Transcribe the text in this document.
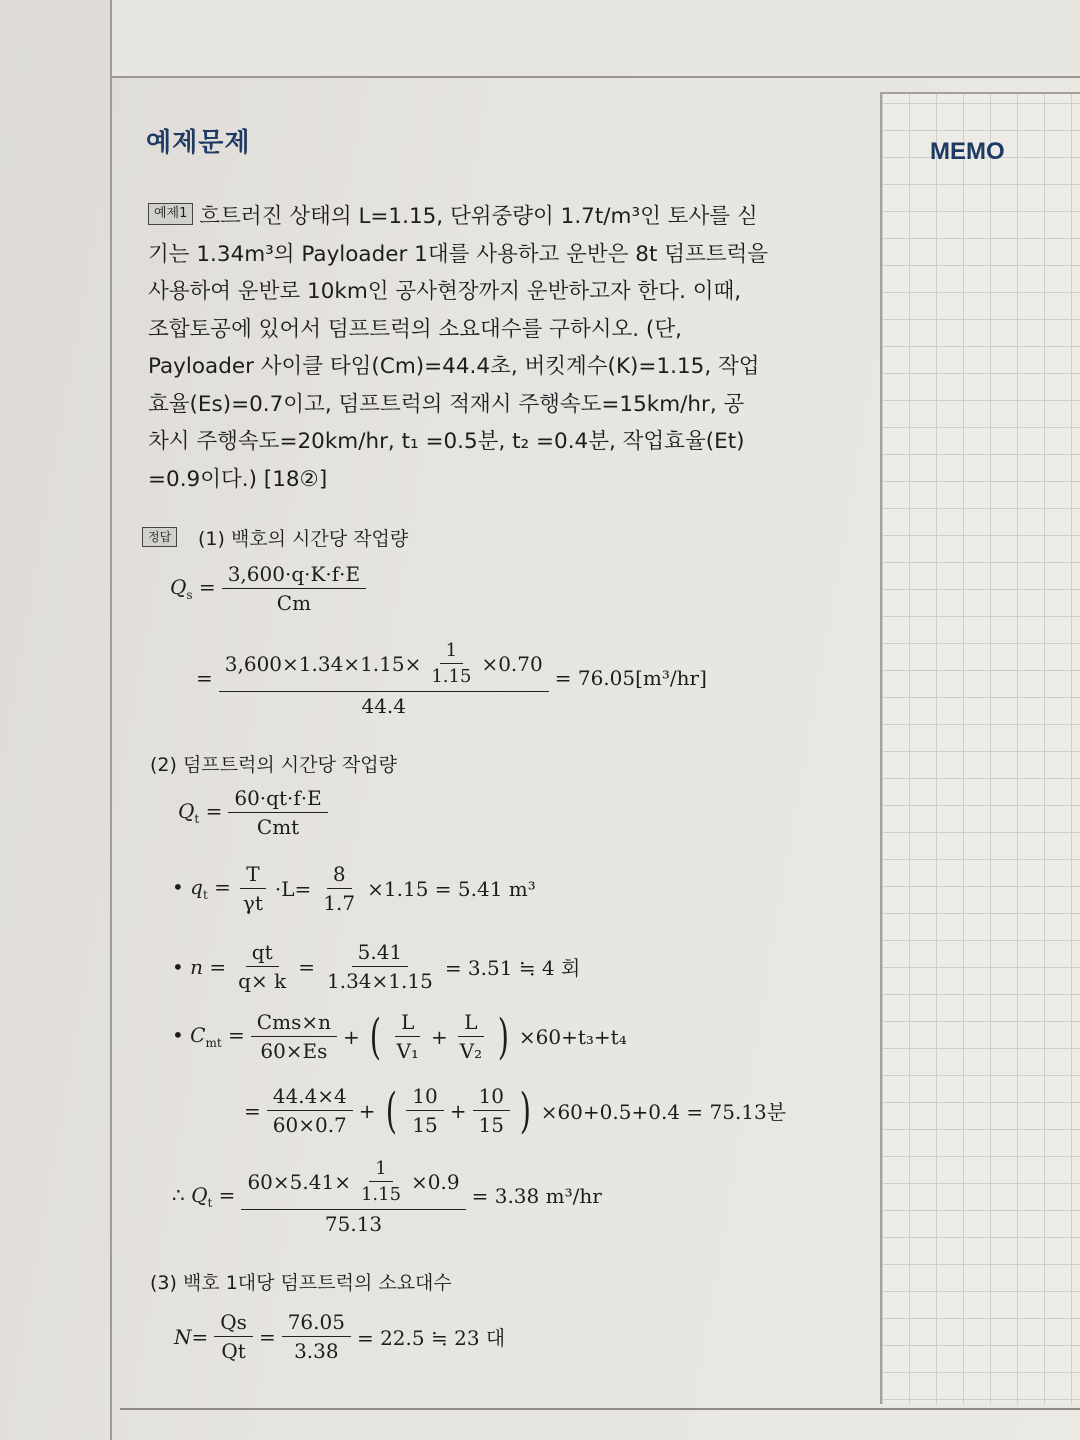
MEMO
예제문제
예제1 흐트러진 상태의 L=1.15, 단위중량이 1.7t/m³인 토사를 싣
기는 1.34m³의 Payloader 1대를 사용하고 운반은 8t 덤프트럭을
사용하여 운반로 10km인 공사현장까지 운반하고자 한다. 이때,
조합토공에 있어서 덤프트럭의 소요대수를 구하시오. (단,
Payloader 사이클 타임(Cm)=44.4초, 버킷계수(K)=1.15, 작업
효율(Es)=0.7이고, 덤프트럭의 적재시 주행속도=15km/hr, 공
차시 주행속도=20km/hr, t₁ =0.5분, t₂ =0.4분, 작업효율(Et)
=0.9이다.) [18②]
정답	(1) 백호의 시간당 작업량
$Q_s = \frac{3,600\cdot q\cdot K\cdot f\cdot E}{Cm}$
= $\frac{3,600\times 1.34\times 1.15\times \frac{1}{1.15} \times 0.70}{44.4} = 76.05[m^3/hr]$
(2) 덤프트럭의 시간당 작업량
$Q_t = \frac{60\cdot qt\cdot f\cdot E}{\text{Cmt}}$
• $q_t = \frac{T}{\gamma t} \cdot L= \frac{8}{1.7} \times 1.15 = 5.41$ m³
• $n = \frac{qt}{q\times k} = \frac{5.41}{1.34\times 1.15} = 3.51$ ≒ 4 회
• $C_{mt} = \frac{\text{Cms×n}}{60\times Es}$ + ( $\frac{L}{\text{V₁}} + \frac{L}{\text{V₂}}$ ) ×60+t₃+t₄
= $\frac{44.4\times 4}{60\times 0.7}$ + ( $\frac{10}{15} + \frac{10}{15}$ ) ×60+0.5+0.4 = 75.13분
∴ $Q_t = \frac{60\times 5.41\times \frac{1}{1.15} \times 0.9}{75.13} = 3.38$ m³/hr
(3) 백호 1대당 덤프트럭의 소요대수
$N= \frac{Qs}{Qt} = \frac{76.05}{3.38} = 22.5$ ≒ 23 대
